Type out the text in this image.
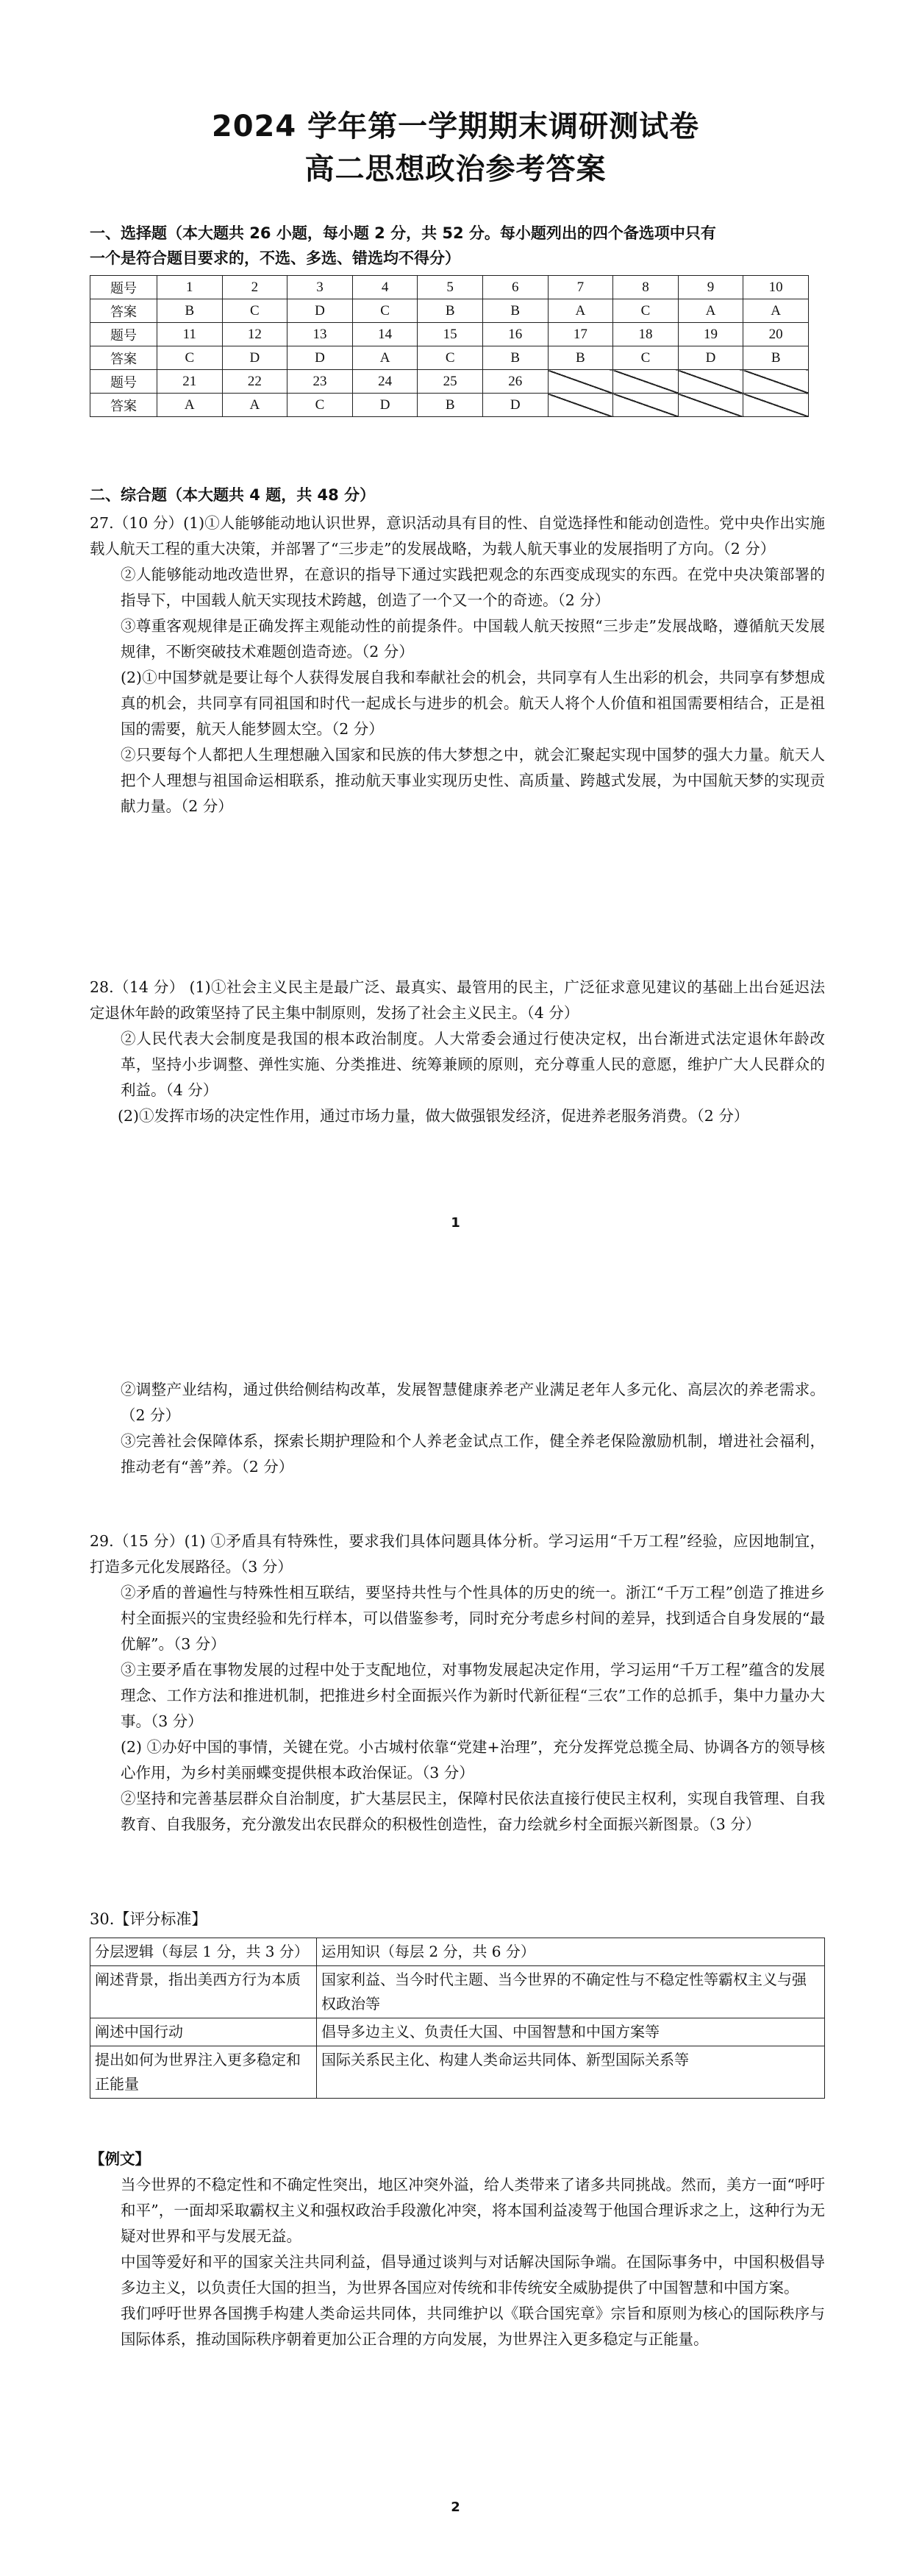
2024 学年第一学期期末调研测试卷
高二思想政治参考答案
一、选择题（本大题共 26 小题，每小题 2 分，共 52 分。每小题列出的四个备选项中只有
一个是符合题目要求的，不选、多选、错选均不得分）
题号	1	2	3	4	5	6	7	8	9	10
答案	B	C	D	C	B	B	A	C	A	A
题号	11	12	13	14	15	16	17	18	19	20
答案	C	D	D	A	C	B	B	C	D	B
题号	21	22	23	24	25	26				
答案	A	A	C	D	B	D				
二、综合题（本大题共 4 题，共 48 分）

27.（10 分）(1)①人能够能动地认识世界，意识活动具有目的性、自觉选择性和能动创造性。党中央作出实施载人航天工程的重大决策，并部署了“三步走”的发展战略，为载人航天事业的发展指明了方向。（2 分）

②人能够能动地改造世界，在意识的指导下通过实践把观念的东西变成现实的东西。在党中央决策部署的指导下，中国载人航天实现技术跨越，创造了一个又一个的奇迹。（2 分）

③尊重客观规律是正确发挥主观能动性的前提条件。中国载人航天按照“三步走”发展战略，遵循航天发展规律，不断突破技术难题创造奇迹。（2 分）

(2)①中国梦就是要让每个人获得发展自我和奉献社会的机会，共同享有人生出彩的机会，共同享有梦想成真的机会，共同享有同祖国和时代一起成长与进步的机会。航天人将个人价值和祖国需要相结合，正是祖国的需要，航天人能梦圆太空。（2 分）

②只要每个人都把人生理想融入国家和民族的伟大梦想之中，就会汇聚起实现中国梦的强大力量。航天人把个人理想与祖国命运相联系，推动航天事业实现历史性、高质量、跨越式发展，为中国航天梦的实现贡献力量。（2 分）

28.（14 分） (1)①社会主义民主是最广泛、最真实、最管用的民主，广泛征求意见建议的基础上出台延迟法定退休年龄的政策坚持了民主集中制原则，发扬了社会主义民主。（4 分）

②人民代表大会制度是我国的根本政治制度。人大常委会通过行使决定权，出台渐进式法定退休年龄改革，坚持小步调整、弹性实施、分类推进、统筹兼顾的原则，充分尊重人民的意愿，维护广大人民群众的利益。（4 分）

(2)①发挥市场的决定性作用，通过市场力量，做大做强银发经济，促进养老服务消费。（2 分）

1

②调整产业结构，通过供给侧结构改革，发展智慧健康养老产业满足老年人多元化、高层次的养老需求。（2 分）

③完善社会保障体系，探索长期护理险和个人养老金试点工作，健全养老保险激励机制，增进社会福利，推动老有“善”养。（2 分）

29.（15 分）(1) ①矛盾具有特殊性，要求我们具体问题具体分析。学习运用“千万工程”经验，应因地制宜，打造多元化发展路径。（3 分）

②矛盾的普遍性与特殊性相互联结，要坚持共性与个性具体的历史的统一。浙江“千万工程”创造了推进乡村全面振兴的宝贵经验和先行样本，可以借鉴参考，同时充分考虑乡村间的差异，找到适合自身发展的“最优解”。（3 分）

③主要矛盾在事物发展的过程中处于支配地位，对事物发展起决定作用，学习运用“千万工程”蕴含的发展理念、工作方法和推进机制，把推进乡村全面振兴作为新时代新征程“三农”工作的总抓手，集中力量办大事。（3 分）

(2) ①办好中国的事情，关键在党。小古城村依靠“党建+治理”，充分发挥党总揽全局、协调各方的领导核心作用，为乡村美丽蝶变提供根本政治保证。（3 分）

②坚持和完善基层群众自治制度，扩大基层民主，保障村民依法直接行使民主权利，实现自我管理、自我教育、自我服务，充分激发出农民群众的积极性创造性，奋力绘就乡村全面振兴新图景。（3 分）

30.【评分标准】
分层逻辑（每层 1 分，共 3 分）	运用知识（每层 2 分，共 6 分）
阐述背景，指出美西方行为本质	国家利益、当今时代主题、当今世界的不确定性与不稳定性等霸权主义与强权政治等
阐述中国行动	倡导多边主义、负责任大国、中国智慧和中国方案等
提出如何为世界注入更多稳定和正能量	国际关系民主化、构建人类命运共同体、新型国际关系等

【例文】

当今世界的不稳定性和不确定性突出，地区冲突外溢，给人类带来了诸多共同挑战。然而，美方一面“呼吁和平”，一面却采取霸权主义和强权政治手段激化冲突，将本国利益凌驾于他国合理诉求之上，这种行为无疑对世界和平与发展无益。

中国等爱好和平的国家关注共同利益，倡导通过谈判与对话解决国际争端。在国际事务中，中国积极倡导多边主义，以负责任大国的担当，为世界各国应对传统和非传统安全威胁提供了中国智慧和中国方案。

我们呼吁世界各国携手构建人类命运共同体，共同维护以《联合国宪章》宗旨和原则为核心的国际秩序与国际体系，推动国际秩序朝着更加公正合理的方向发展，为世界注入更多稳定与正能量。

2
